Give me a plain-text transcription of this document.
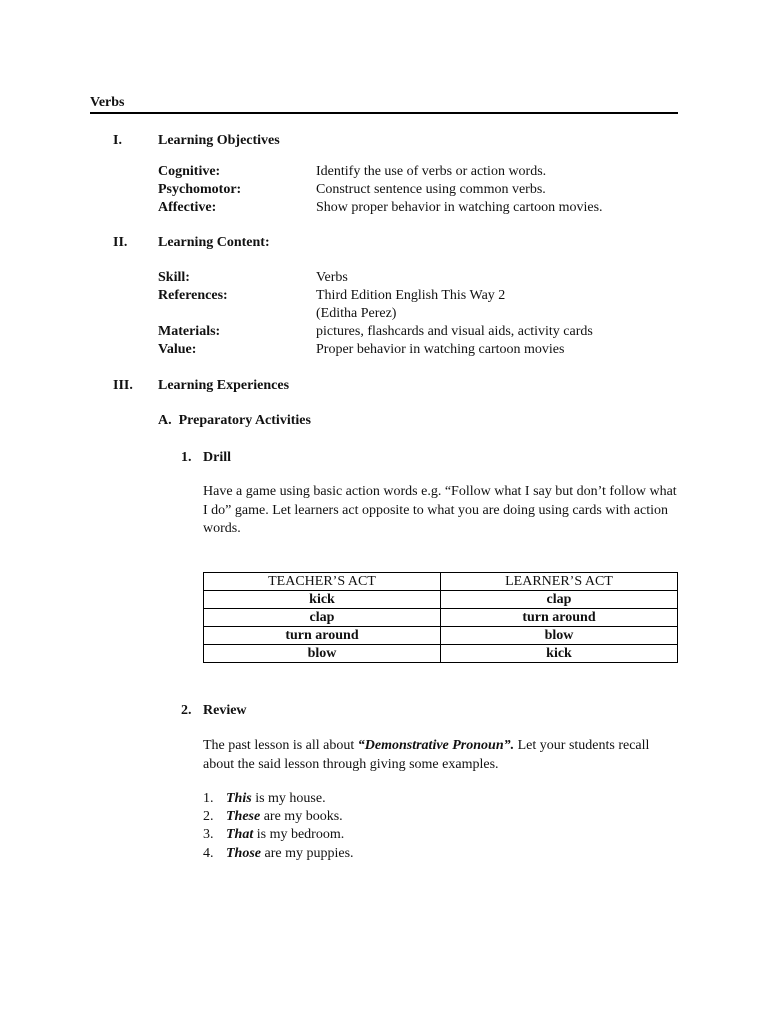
Verbs
I.	Learning Objectives
Cognitive:	Identify the use of verbs or action words.
Psychomotor:	Construct sentence using common verbs.
Affective:	Show proper behavior in watching cartoon movies.
II. Learning Content:
Skill:	Verbs
References:	Third Edition English This Way 2
(Editha Perez)
Materials:	pictures, flashcards and visual aids, activity cards
Value:	Proper behavior in watching cartoon movies
III. Learning Experiences
A.  Preparatory Activities
1. Drill
Have a game using basic action words e.g. “Follow what I say but don’t follow what I do” game. Let learners act opposite to what you are doing using cards with action words.
TEACHER’S ACT	LEARNER’S ACT
kick	clap
clap	turn around
turn around	blow
blow	kick
2. Review
The past lesson is all about “Demonstrative Pronoun”. Let your students recall about the said lesson through giving some examples.
1. This is my house.
2. These are my books.
3. That is my bedroom.
4. Those are my puppies.
